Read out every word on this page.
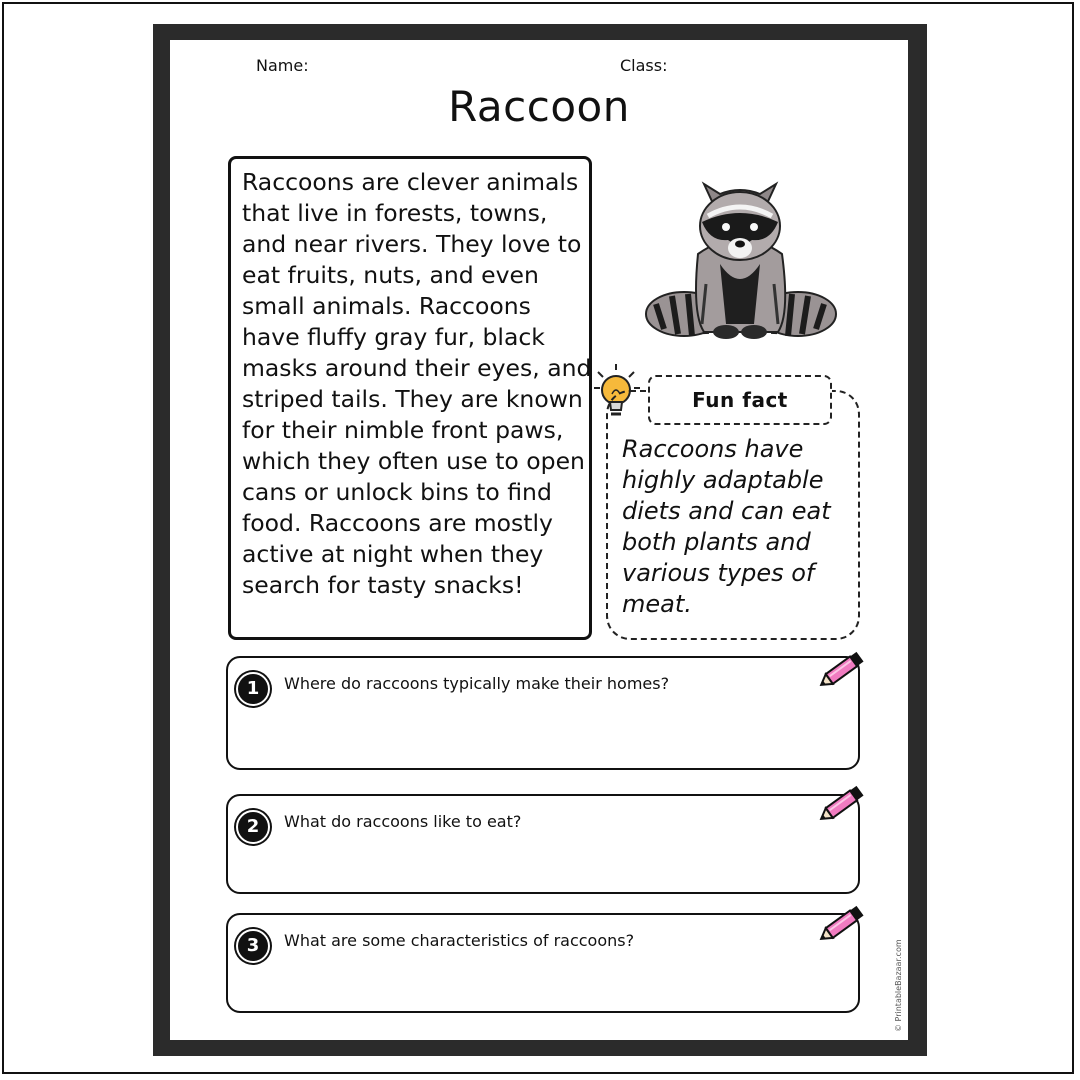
Name:	Class:
Raccoon
Raccoons are clever animals
that live in forests, towns,
and near rivers. They love to
eat fruits, nuts, and even
small animals. Raccoons
have fluffy gray fur, black
masks around their eyes, and
striped tails. They are known
for their nimble front paws,
which they often use to open
cans or unlock bins to find
food. Raccoons are mostly
active at night when they
search for tasty snacks!
Fun fact
Raccoons have
highly adaptable
diets and can eat
both plants and
various types of
meat.
1	Where do raccoons typically make their homes?
2	What do raccoons like to eat?
3	What are some characteristics of raccoons?	© PrintableBazaar.com
